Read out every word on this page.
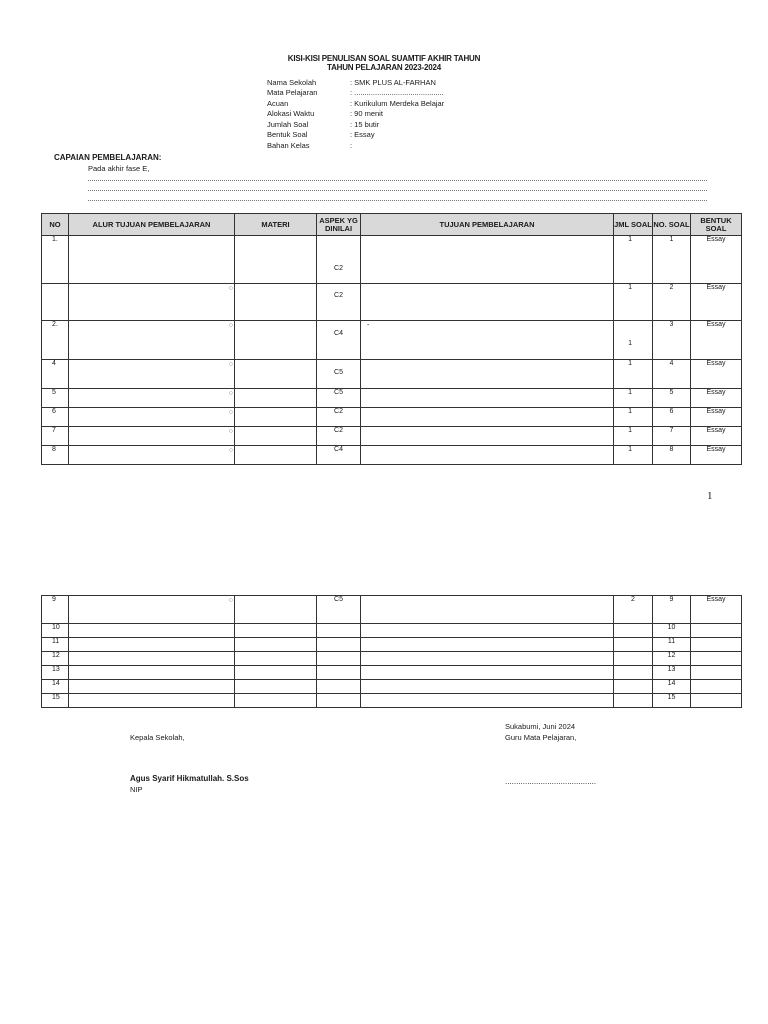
KISI-KISI PENULISAN SOAL SUAMTIF AKHIR TAHUN
TAHUN PELAJARAN 2023-2024
Nama Sekolah	: SMK PLUS AL-FARHAN
Mata Pelajaran	: ...........................................
Acuan	: Kurikulum Merdeka Belajar
Alokasi Waktu	: 90 menit
Jumlah Soal	: 15 butir
Bentuk Soal	: Essay
Bahan Kelas	:
CAPAIAN PEMBELAJARAN:
Pada akhir fase E,
NO	ALUR TUJUAN PEMBELAJARAN	MATERI	ASPEK YG DINILAI	TUJUAN PEMBELAJARAN	JML SOAL	NO. SOAL	BENTUK SOAL
1.			C2		1	1	Essay

	○		C2		1	2	Essay

2.	○		C4	-	1	3	Essay

4	○		C5		1	4	Essay

5	○		C5		1	5	Essay

6	○		C2		1	6	Essay

7	○		C2		1	7	Essay

8	○		C4		1	8	Essay
1
9	○		C5		2	9	Essay

10						10	

11						11	

12						12	

13						13	

14						14	

15						15	

Sukabumi, Juni 2024
Guru Mata Pelajaran,
Kepala Sekolah,
Agus Syarif Hikmatullah. S.Sos
NIP
.........................................
